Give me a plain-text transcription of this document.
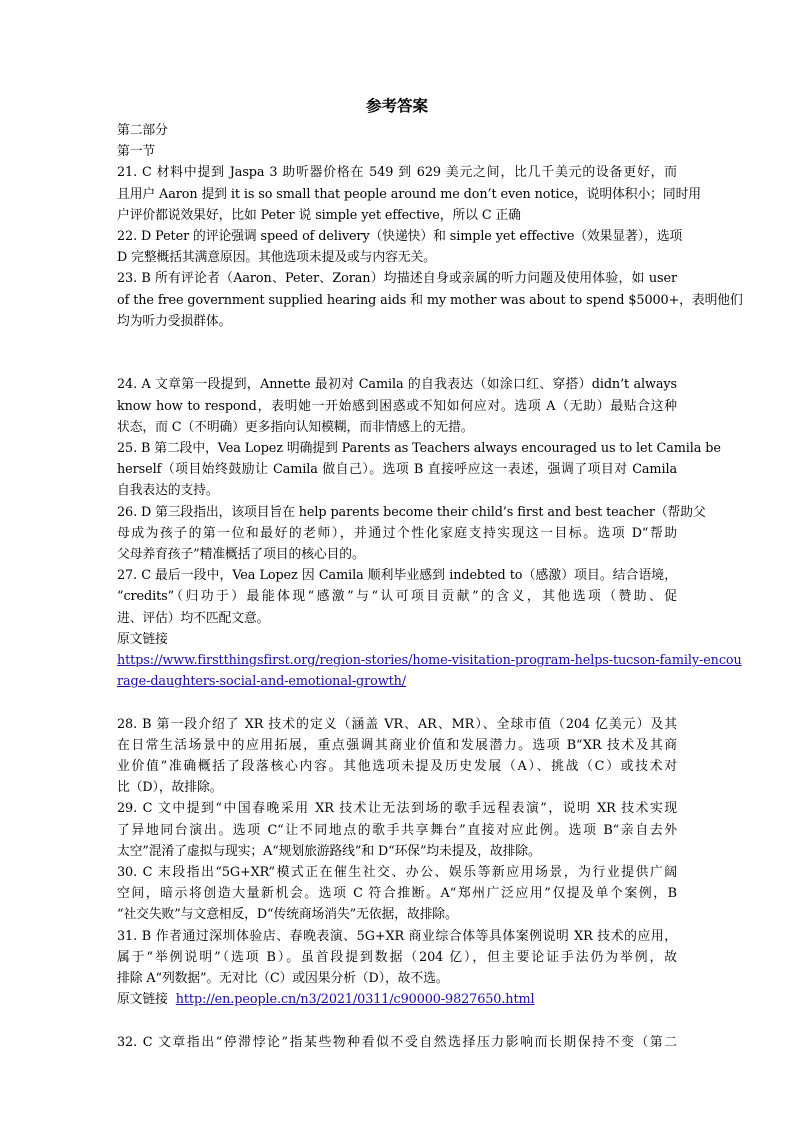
参考答案
第二部分
第一节
21. C 材料中提到 Jaspa 3 助听器价格在 549 到 629 美元之间，比几千美元的设备更好，而
且用户 Aaron 提到 it is so small that people around me don’t even notice，说明体积小；同时用
户评价都说效果好，比如 Peter 说 simple yet effective，所以 C 正确
22. D Peter 的评论强调 speed of delivery（快递快）和 simple yet effective（效果显著），选项
D 完整概括其满意原因。其他选项未提及或与内容无关。
23. B 所有评论者（Aaron、Peter、Zoran）均描述自身或亲属的听力问题及使用体验，如 user
of the free government supplied hearing aids 和 my mother was about to spend $5000+，表明他们
均为听力受损群体。
24. A 文章第一段提到，Annette 最初对 Camila 的自我表达（如涂口红、穿搭）didn’t always
know how to respond，表明她一开始感到困惑或不知如何应对。选项 A（无助）最贴合这种
状态，而 C（不明确）更多指向认知模糊，而非情感上的无措。
25. B 第二段中，Vea Lopez 明确提到 Parents as Teachers always encouraged us to let Camila be
herself（项目始终鼓励让 Camila 做自己）。选项 B 直接呼应这一表述，强调了项目对 Camila
自我表达的支持。
26. D 第三段指出，该项目旨在 help parents become their child’s first and best teacher（帮助父
母成为孩子的第一位和最好的老师），并通过个性化家庭支持实现这一目标。选项 D“帮助
父母养育孩子”精准概括了项目的核心目的。
27. C 最后一段中，Vea Lopez 因 Camila 顺利毕业感到 indebted to（感激）项目。结合语境，
“credits”（归功于）最能体现“感激”与“认可项目贡献”的含义，其他选项（赞助、促
进、评估）均不匹配文意。
原文链接
https://www.firstthingsfirst.org/region-stories/home-visitation-program-helps-tucson-family-encou
rage-daughters-social-and-emotional-growth/
28. B 第一段介绍了 XR 技术的定义（涵盖 VR、AR、MR）、全球市值（204 亿美元）及其
在日常生活场景中的应用拓展，重点强调其商业价值和发展潜力。选项 B“XR 技术及其商
业价值”准确概括了段落核心内容。其他选项未提及历史发展（A）、挑战（C）或技术对
比（D），故排除。
29. C 文中提到“中国春晚采用 XR 技术让无法到场的歌手远程表演”，说明 XR 技术实现
了异地同台演出。选项 C“让不同地点的歌手共享舞台”直接对应此例。选项 B“亲自去外
太空”混淆了虚拟与现实；A“规划旅游路线”和 D“环保”均未提及，故排除。
30. C 末段指出“5G+XR”模式正在催生社交、办公、娱乐等新应用场景，为行业提供广阔
空间，暗示将创造大量新机会。选项 C 符合推断。A“郑州广泛应用”仅提及单个案例，B
“社交失败”与文意相反，D“传统商场消失”无依据，故排除。
31. B 作者通过深圳体验店、春晚表演、5G+XR 商业综合体等具体案例说明 XR 技术的应用，
属于“举例说明”（选项 B）。虽首段提到数据（204 亿），但主要论证手法仍为举例，故
排除 A“列数据”。无对比（C）或因果分析（D），故不选。
原文链接 http://en.people.cn/n3/2021/0311/c90000-9827650.html
32. C 文章指出“停滞悖论”指某些物种看似不受自然选择压力影响而长期保持不变（第二
